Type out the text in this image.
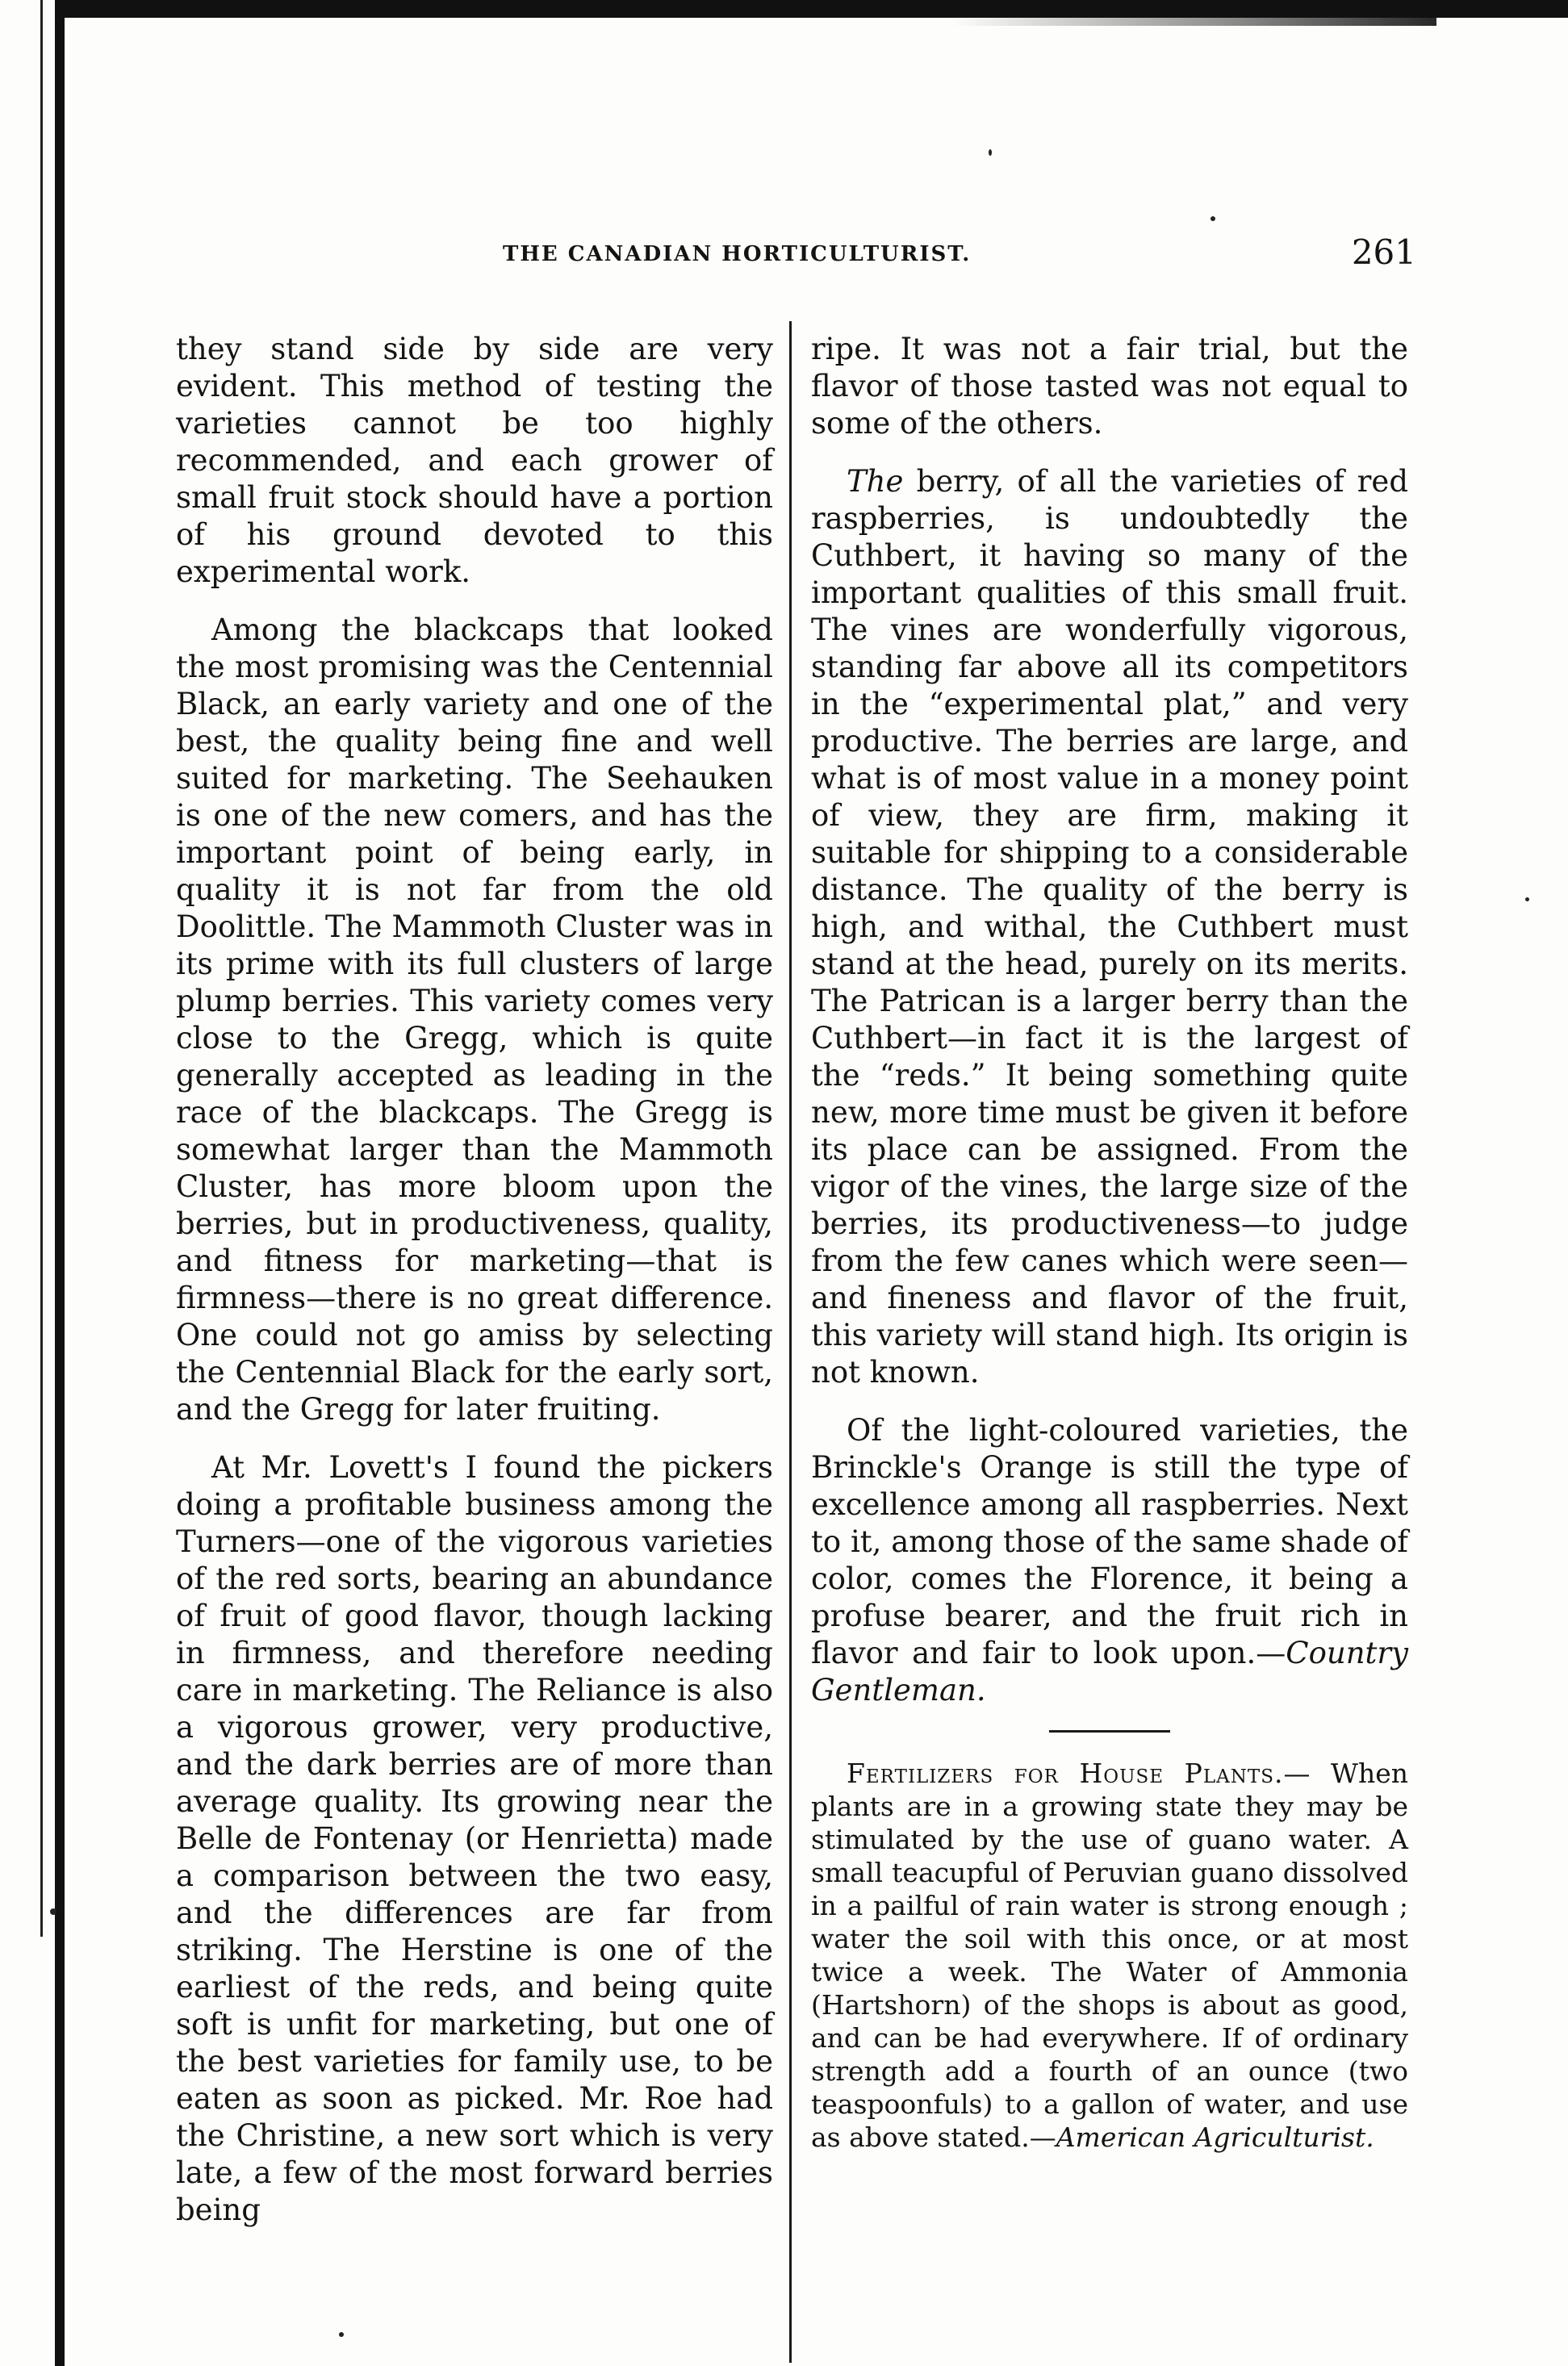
THE CANADIAN HORTICULTURIST.	261

they stand side by side are very evident. This method of testing the varieties cannot be too highly recommended, and each grower of small fruit stock should have a portion of his ground devoted to this experimental work.

Among the blackcaps that looked the most promising was the Centennial Black, an early variety and one of the best, the quality being fine and well suited for marketing. The Seehauken is one of the new comers, and has the important point of being early, in quality it is not far from the old Doolittle. The Mammoth Cluster was in its prime with its full clusters of large plump berries. This variety comes very close to the Gregg, which is quite generally accepted as leading in the race of the blackcaps. The Gregg is somewhat larger than the Mammoth Cluster, has more bloom upon the berries, but in productiveness, quality, and fitness for marketing—that is firmness—there is no great difference. One could not go amiss by selecting the Centennial Black for the early sort, and the Gregg for later fruiting.

At Mr. Lovett's I found the pickers doing a profitable business among the Turners—one of the vigorous varieties of the red sorts, bearing an abundance of fruit of good flavor, though lacking in firmness, and therefore needing care in marketing. The Reliance is also a vigorous grower, very productive, and the dark berries are of more than average quality. Its growing near the Belle de Fontenay (or Henrietta) made a comparison between the two easy, and the differences are far from striking. The Herstine is one of the earliest of the reds, and being quite soft is unfit for marketing, but one of the best varieties for family use, to be eaten as soon as picked. Mr. Roe had the Christine, a new sort which is very late, a few of the most forward berries being

ripe. It was not a fair trial, but the flavor of those tasted was not equal to some of the others.

The berry, of all the varieties of red raspberries, is undoubtedly the Cuthbert, it having so many of the important qualities of this small fruit. The vines are wonderfully vigorous, standing far above all its competitors in the “experimental plat,” and very productive. The berries are large, and what is of most value in a money point of view, they are firm, making it suitable for shipping to a considerable distance. The quality of the berry is high, and withal, the Cuthbert must stand at the head, purely on its merits. The Patrican is a larger berry than the Cuthbert—in fact it is the largest of the “reds.” It being something quite new, more time must be given it before its place can be assigned. From the vigor of the vines, the large size of the berries, its productiveness—to judge from the few canes which were seen—and fineness and flavor of the fruit, this variety will stand high. Its origin is not known.

Of the light-coloured varieties, the Brinckle's Orange is still the type of excellence among all raspberries. Next to it, among those of the same shade of color, comes the Florence, it being a profuse bearer, and the fruit rich in flavor and fair to look upon.—Country Gentleman.

Fertilizers for House Plants.— When plants are in a growing state they may be stimulated by the use of guano water. A small teacupful of Peruvian guano dissolved in a pailful of rain water is strong enough ; water the soil with this once, or at most twice a week. The Water of Ammonia (Hartshorn) of the shops is about as good, and can be had everywhere. If of ordinary strength add a fourth of an ounce (two teaspoonfuls) to a gallon of water, and use as above stated.—American Agriculturist.
